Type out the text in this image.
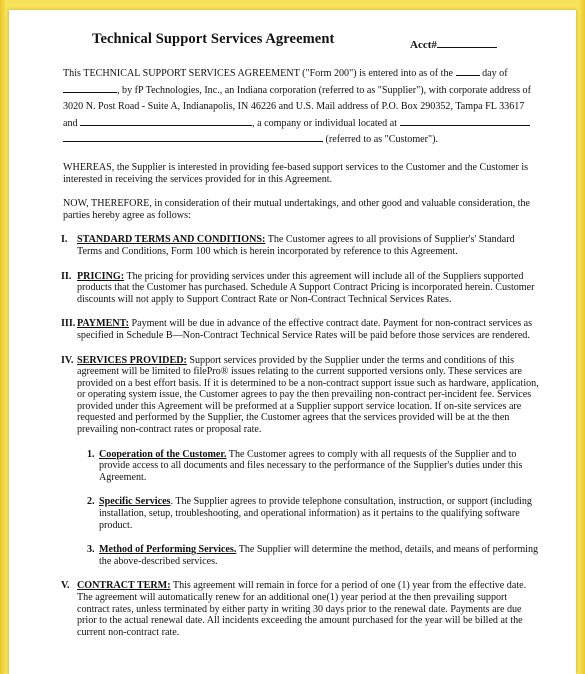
Technical Support Services Agreement	Acct#

This TECHNICAL SUPPORT SERVICES AGREEMENT ("Form 200") is entered into as of the	day of

, by fP Technologies, Inc., an Indiana corporation (referred to as "Supplier"), with corporate address of

3020 N. Post Road - Suite A, Indianapolis, IN 46226 and U.S. Mail address of P.O. Box 290352, Tampa FL 33617

and	, a company or individual located at

(referred to as "Customer").

WHEREAS, the Supplier is interested in providing fee-based support services to the Customer and the Customer is interested in receiving the services provided for in this Agreement.

NOW, THEREFORE, in consideration of their mutual undertakings, and other good and valuable consideration, the parties hereby agree as follows:

I. STANDARD TERMS AND CONDITIONS: The Customer agrees to all provisions of Supplier's' Standard Terms and Conditions, Form 100 which is herein incorporated by reference to this Agreement.
II. PRICING: The pricing for providing services under this agreement will include all of the Suppliers supported products that the Customer has purchased. Schedule A Support Contract Pricing is incorporated herein. Customer discounts will not apply to Support Contract Rate or Non-Contract Technical Services Rates.
III. PAYMENT: Payment will be due in advance of the effective contract date. Payment for non-contract services as specified in Schedule B—Non-Contract Technical Service Rates will be paid before those services are rendered.
IV. SERVICES PROVIDED: Support services provided by the Supplier under the terms and conditions of this agreement will be limited to filePro® issues relating to the current supported versions only. These services are provided on a best effort basis. If it is determined to be a non-contract support issue such as hardware, application, or operating system issue, the Customer agrees to pay the then prevailing non-contract per-incident fee. Services provided under this Agreement will be preformed at a Supplier support service location. If on-site services are requested and performed by the Supplier, the Customer agrees that the services provided will be at the then prevailing non-contract rates or proposal rate.
1. Cooperation of the Customer. The Customer agrees to comply with all requests of the Supplier and to provide access to all documents and files necessary to the performance of the Supplier's duties under this Agreement.
2. Specific Services. The Supplier agrees to provide telephone consultation, instruction, or support (including installation, setup, troubleshooting, and operational information) as it pertains to the qualifying software product.
3. Method of Performing Services. The Supplier will determine the method, details, and means of performing the above-described services.
V. CONTRACT TERM: This agreement will remain in force for a period of one (1) year from the effective date. The agreement will automatically renew for an additional one(1) year period at the then prevailing support contract rates, unless terminated by either party in writing 30 days prior to the renewal date. Payments are due prior to the actual renewal date. All incidents exceeding the amount purchased for the year will be billed at the current non-contract rate.
